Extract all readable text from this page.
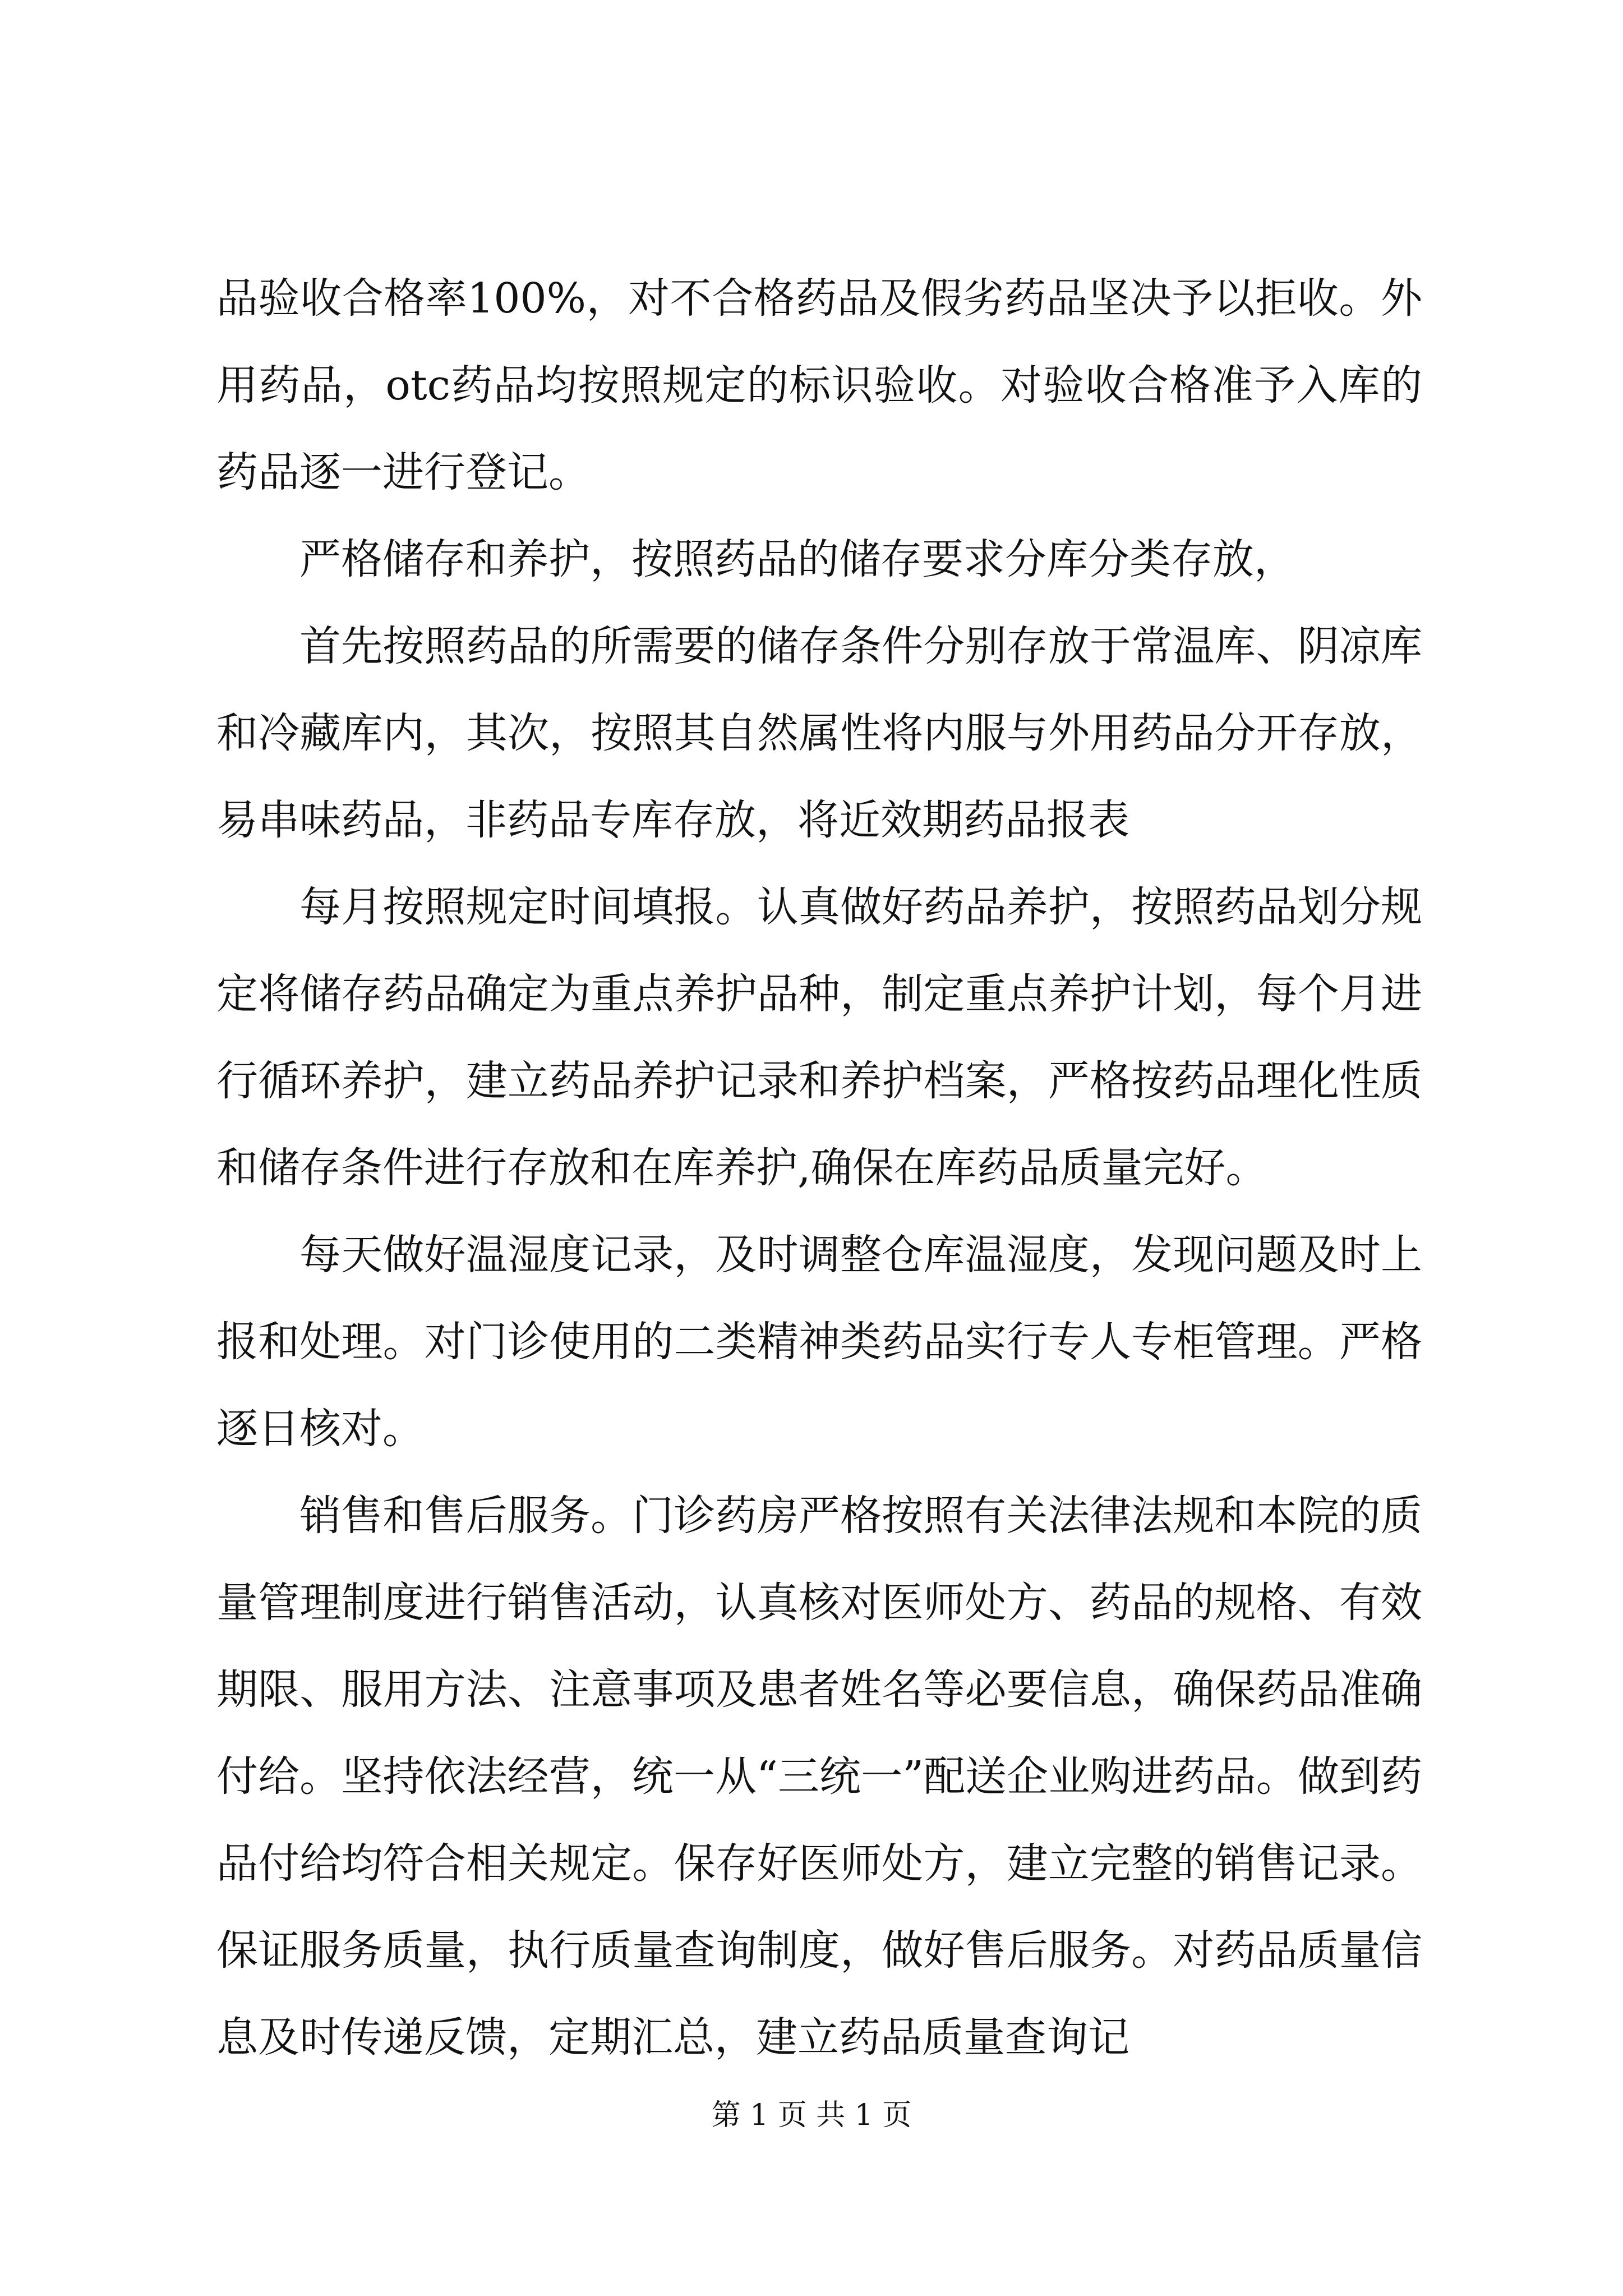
品验收合格率100%，对不合格药品及假劣药品坚决予以拒收。外用药品，otc药品均按照规定的标识验收。对验收合格准予入库的药品逐一进行登记。

严格储存和养护，按照药品的储存要求分库分类存放，

首先按照药品的所需要的储存条件分别存放于常温库、阴凉库和冷藏库内，其次，按照其自然属性将内服与外用药品分开存放，易串味药品，非药品专库存放，将近效期药品报表

每月按照规定时间填报。认真做好药品养护，按照药品划分规定将储存药品确定为重点养护品种，制定重点养护计划，每个月进行循环养护，建立药品养护记录和养护档案，严格按药品理化性质和储存条件进行存放和在库养护,确保在库药品质量完好。

每天做好温湿度记录，及时调整仓库温湿度，发现问题及时上报和处理。对门诊使用的二类精神类药品实行专人专柜管理。严格逐日核对。

销售和售后服务。门诊药房严格按照有关法律法规和本院的质量管理制度进行销售活动，认真核对医师处方、药品的规格、有效期限、服用方法、注意事项及患者姓名等必要信息，确保药品准确付给。坚持依法经营，统一从“三统一”配送企业购进药品。做到药品付给均符合相关规定。保存好医师处方，建立完整的销售记录。保证服务质量，执行质量查询制度，做好售后服务。对药品质量信息及时传递反馈，定期汇总，建立药品质量查询记

第 1 页 共 1 页
